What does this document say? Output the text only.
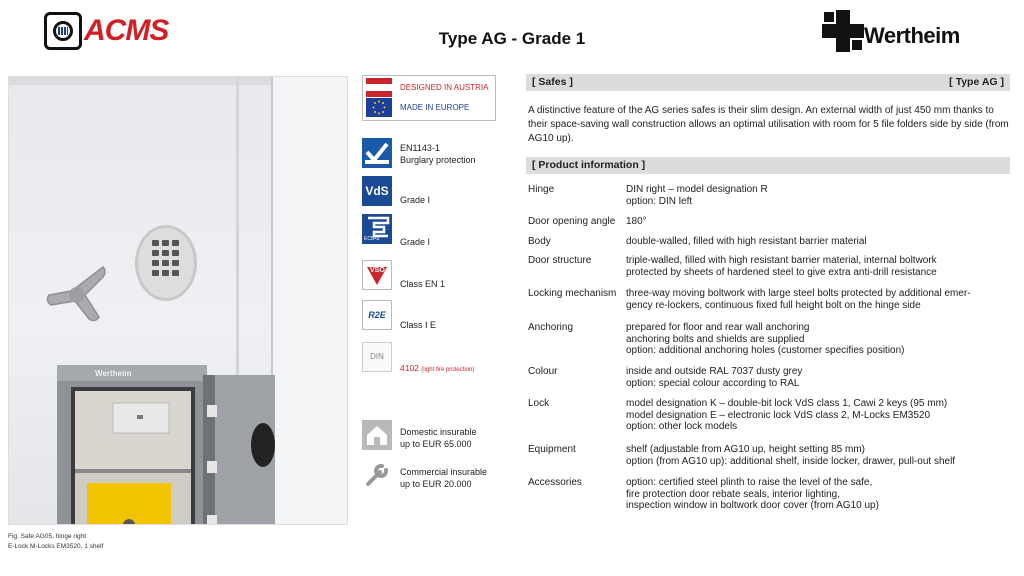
ACMS	Type AG - Grade 1	Wertheim
Wertheim
Fig. Safe AG05, hinge right
E-Lock M-Locks EM3520, 1 shelf
DESIGNED IN AUSTRIA
MADE IN EUROPE
EN1143-1
Burglary protection
VdS
Grade I
ECB•S Grade I
VSO
Class EN 1
R2E
Class I E
DIN
4102 (light fire protection)
Domestic insurable
up to EUR 65.000
Commercial insurable
up to EUR 20.000
[ Safes ]	[ Type AG ]
A distinctive feature of the AG series safes is their slim design. An external width of just 450 mm thanks to their space-saving wall construction allows an optimal utilisation with room for 5 file folders side by side (from AG10 up).
[ Product information ]
Hinge	DIN right – model designation R
option: DIN left
Door opening angle 180°
Body	double-walled, filled with high resistant barrier material
Door structure	triple-walled, filled with high resistant barrier material, internal boltwork
protected by sheets of hardened steel to give extra anti-drill resistance
Locking mechanism three-way moving boltwork with large steel bolts protected by additional emer-
gency re-lockers, continuous fixed full height bolt on the hinge side
Anchoring	prepared for floor and rear wall anchoring
anchoring bolts and shields are supplied
option: additional anchoring holes (customer specifies position)
Colour	inside and outside RAL 7037 dusty grey
option: special colour according to RAL
Lock	model designation K – double-bit lock VdS class 1, Cawi 2 keys (95 mm)
model designation E – electronic lock VdS class 2, M-Locks EM3520
option: other lock models
Equipment	shelf (adjustable from AG10 up, height setting 85 mm)
option (from AG10 up): additional shelf, inside locker, drawer, pull-out shelf
Accessories	option: certified steel plinth to raise the level of the safe,
fire protection door rebate seals, interior lighting,
inspection window in boltwork door cover (from AG10 up)
